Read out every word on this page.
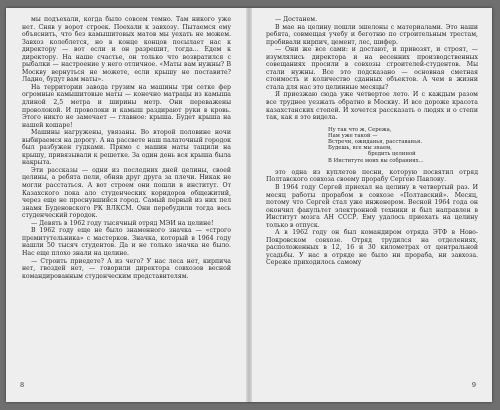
мы подъехали, когда было совсем темно. Там никого уже нет. Сняв у ворот строек. Поехали к завхозу. Пытаемся ему объяснить, что без камышитовых матов мы уехать не можем. Завхоз колеблется, но в конце концов посылает нас к директору — вот если и он разрешит, тогда... Едем к директору. На наше счастье, он только что возвратился с рыбалки — настроение у него отличное. «Маты вам нужны? В Москву вернуться не можете, если крышу не поставите? Ладно, будут вам маты».

На территории завода грузим на машины три сетке фер огромные камышитовые маты — конечно матрацы из камыша длиной 2,5 метра и ширины метр. Они переважены проволокой. И проволоки и камыш раздирают руки в кровь. Этого никто не замечает — главное: крыша. Будет крыша на нашей кошаре!

Машины нагружены, увязаны. Во второй половине ночи выбираемся на дорогу. А на рассвете наш палаточный городок был разбужен гудками. Прямо с машин маты тащили на крышу, привязывали к решетке. За один день вся крыша была накрыта.

Эти рассказы — одни из последних дней целины, своей целины, а ребята пели, обняв друг друга за плечи. Никак не могли расстаться. А вот строем они пошли в институт. От Казахского пока ало студенческих коридоров общежитий, через еще не проснувшийся город. Самый первый из них пел знамя Буденовского РК ВЛКСМ. Они перебудили тогда весь студенческий городок.

— Девять в 1962 году тысячный отряд МЭИ на целине!

В 1962 году еще не было знаменного значка — «строго премитутельника» с мастерков. Значка, который в 1964 году нашли 50 тысяч студентов. Да и не только значка не было. Нас еще плохо знали на целине.

— Строить приедете? А из чего? У нас леса нет, кирпича нет, гвоздей нет, — говорили директора совхозов весной командированным студенческим представителям.

8

— Достанем.

В мае на целину пошли эшелоны с материалами. Это наши ребята, совмещая учебу и беготню по строительным трестам, пробивали кирпич, цемент, лес, шифер.

— Они же все сами: и достают, и привозят, и строят, — изумлялись директора и на весенних производственных совещаниях просили в совхозы строителей-студентов. Мы стали нужны. Все это подсказано — основная сметная стоимость и количество сданных объектов. А чем в жизни стала для нас это целинные месяцы?

Я приезжаю сюда уже четвертое лето. И с каждым разом все труднее уезжать обратно в Москву. И все дороже красота казахстанских степей. И хочется рассказать о людях и о степи так, как я это видела.

Ну так что ж, Сережа,
Нам уже такой —
Встречи, ожиданья, расставанья.
Будешь, все мы знаем,
бредить целиной
В Институте моих вы собраниях...

это одна из куплетов песни, которую посвятил отряд Полтавского совхоза своему прорабу Сергею Павлову.

В 1964 году Сергей приехал на целину в четвертый раз. И месяц работы прорабом в совхозе «Полтавский». Месяц, потому что Сергей стал уже инженером. Весной 1964 года он окончил факультет электронной техники и был направлен в Институт мозга АН СССР. Ему удалось приехать на целину только в отпуск.

А в 1962 году он был командиром отряда ЭТФ в Ново-Покровском совхозе. Отряд трудился на отделениях, расположенных в 12, 16 и 30 километрах от центральной усадьбы. У нас в отряде не было ни прораба, ни завхоза. Сереже приходилось самому

9
